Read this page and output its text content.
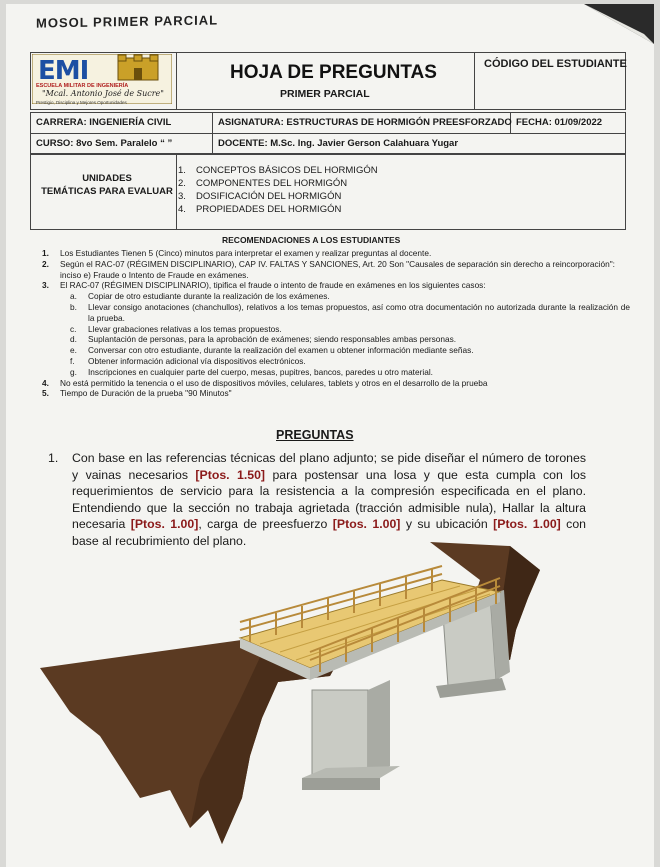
MOSOL PRIMER PARCIAL
EMI
ESCUELA MILITAR DE INGENIERÍA
"Mcal. Antonio José de Sucre"
Prestigio, Disciplina y Mejores Oportunidades
HOJA DE PREGUNTAS
PRIMER PARCIAL
CÓDIGO DEL ESTUDIANTE
CARRERA: INGENIERÍA CIVIL	ASIGNATURA: ESTRUCTURAS DE HORMIGÓN PREESFORZADO FECHA: 01/09/2022
CURSO: 8vo Sem. Paralelo “ ”	DOCENTE: M.Sc. Ing. Javier Gerson Calahuara Yugar
UNIDADES
TEMÁTICAS PARA EVALUAR
1. CONCEPTOS BÁSICOS DEL HORMIGÓN
2. COMPONENTES DEL HORMIGÓN
3. DOSIFICACIÓN DEL HORMIGÓN
4. PROPIEDADES DEL HORMIGÓN
RECOMENDACIONES A LOS ESTUDIANTES
1. Los Estudiantes Tienen 5 (Cinco) minutos para interpretar el examen y realizar preguntas al docente.
2. Según el RAC-07 (RÉGIMEN DISCIPLINARIO), CAP IV. FALTAS Y SANCIONES, Art. 20 Son "Causales de separación sin derecho a reincorporación": inciso e) Fraude o Intento de Fraude en exámenes.
3. El RAC-07 (RÉGIMEN DISCIPLINARIO), tipifica el fraude o intento de fraude en exámenes en los siguientes casos:
a. Copiar de otro estudiante durante la realización de los exámenes.
b. Llevar consigo anotaciones (chanchullos), relativos a los temas propuestos, así como otra documentación no autorizada durante la realización de la prueba.
c. Llevar grabaciones relativas a los temas propuestos.
d. Suplantación de personas, para la aprobación de exámenes; siendo responsables ambas personas.
e. Conversar con otro estudiante, durante la realización del examen u obtener información mediante señas.
f. Obtener información adicional vía dispositivos electrónicos.
g. Inscripciones en cualquier parte del cuerpo, mesas, pupitres, bancos, paredes u otro material.
4. No está permitido la tenencia o el uso de dispositivos móviles, celulares, tablets y otros en el desarrollo de la prueba
5. Tiempo de Duración de la prueba "90 Minutos"
PREGUNTAS
1.	Con base en las referencias técnicas del plano adjunto; se pide diseñar el número de torones y vainas necesarios [Ptos. 1.50] para postensar una losa y que esta cumpla con los requerimientos de servicio para la resistencia a la compresión especificada en el plano. Entendiendo que la sección no trabaja agrietada (tracción admisible nula), Hallar la altura necesaria [Ptos. 1.00], carga de preesfuerzo [Ptos. 1.00] y su ubicación [Ptos. 1.00] con base al recubrimiento del plano.
